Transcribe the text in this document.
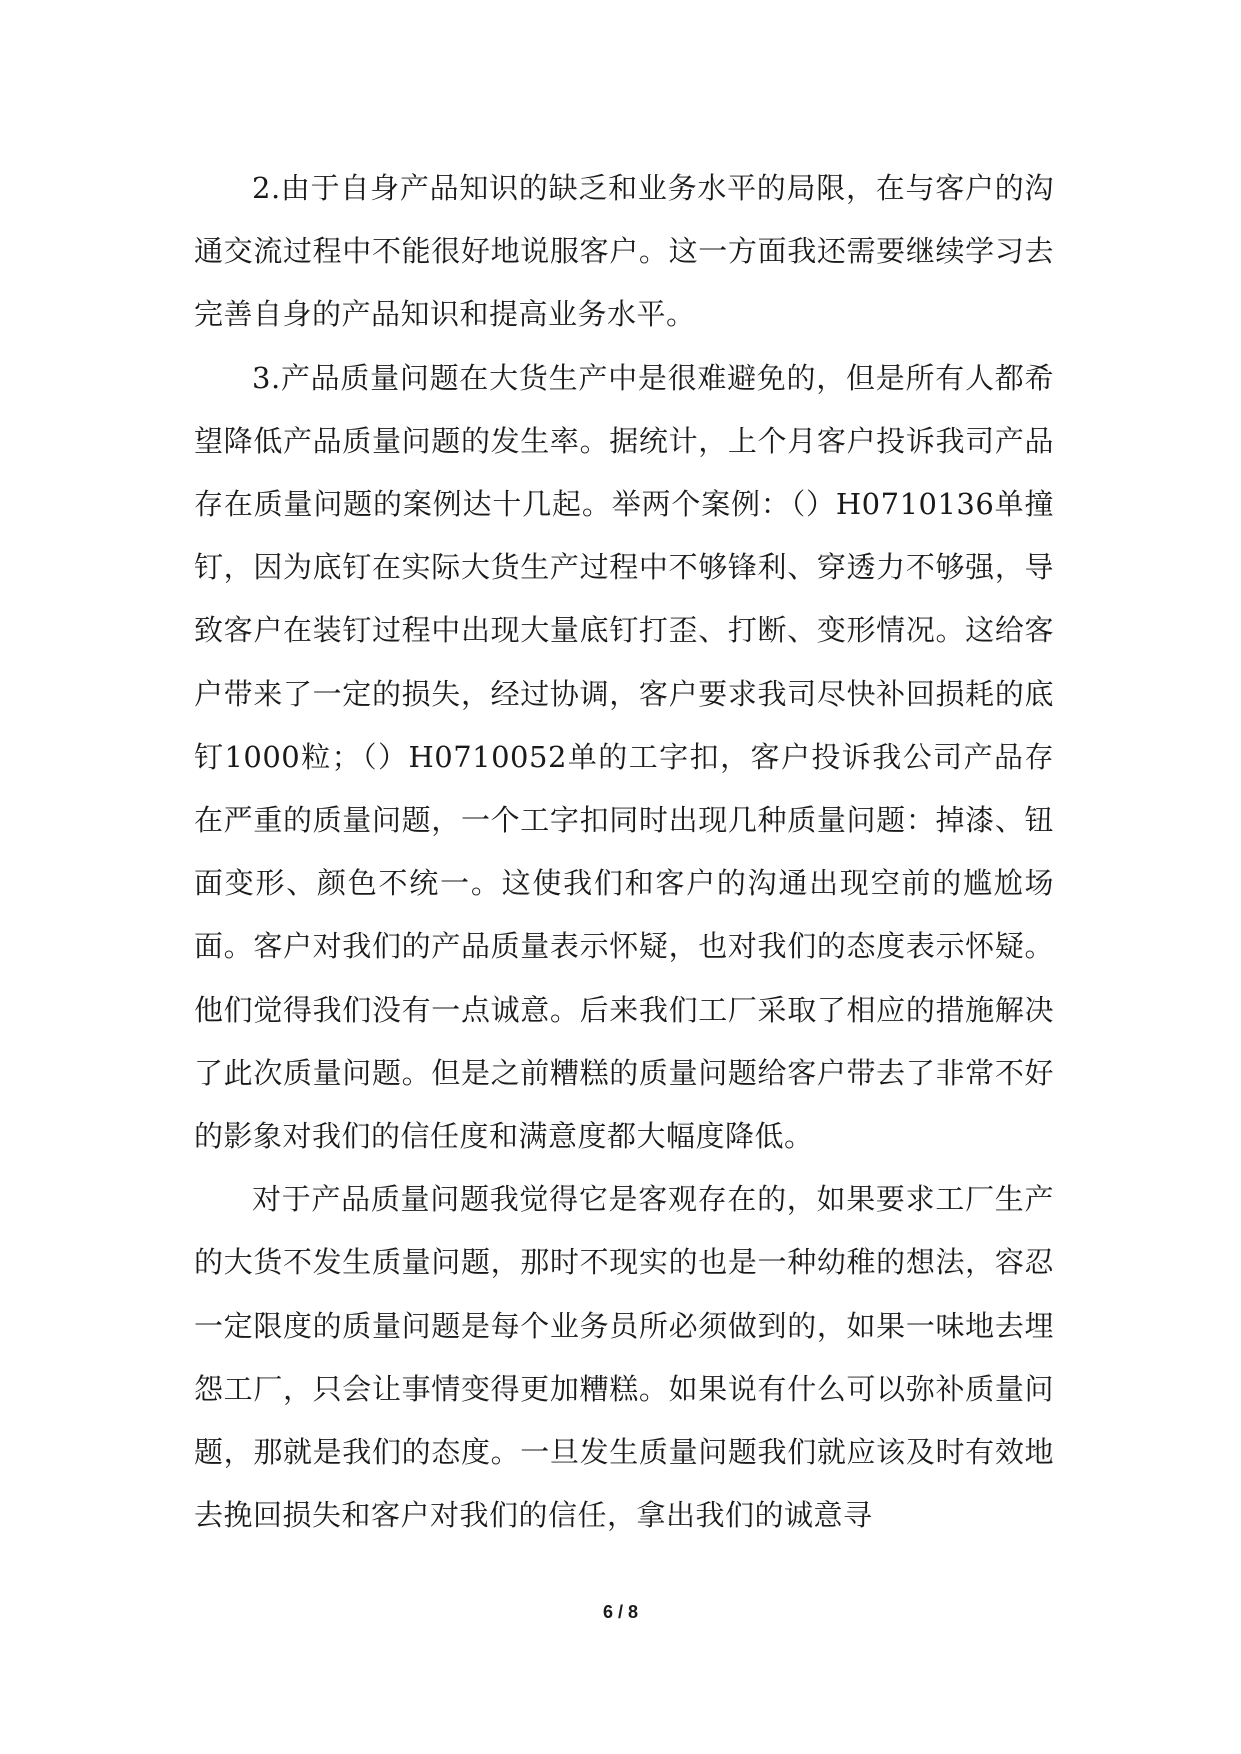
2.由于自身产品知识的缺乏和业务水平的局限，在与客户的沟通交流过程中不能很好地说服客户。这一方面我还需要继续学习去完善自身的产品知识和提高业务水平。

3.产品质量问题在大货生产中是很难避免的，但是所有人都希望降低产品质量问题的发生率。据统计，上个月客户投诉我司产品存在质量问题的案例达十几起。举两个案例：（）H0710136单撞钉，因为底钉在实际大货生产过程中不够锋利、穿透力不够强，导致客户在装钉过程中出现大量底钉打歪、打断、变形情况。这给客户带来了一定的损失，经过协调，客户要求我司尽快补回损耗的底钉1000粒；（）H0710052单的工字扣，客户投诉我公司产品存在严重的质量问题，一个工字扣同时出现几种质量问题：掉漆、钮面变形、颜色不统一。这使我们和客户的沟通出现空前的尴尬场面。客户对我们的产品质量表示怀疑，也对我们的态度表示怀疑。他们觉得我们没有一点诚意。后来我们工厂采取了相应的措施解决了此次质量问题。但是之前糟糕的质量问题给客户带去了非常不好的影象对我们的信任度和满意度都大幅度降低。

对于产品质量问题我觉得它是客观存在的，如果要求工厂生产的大货不发生质量问题，那时不现实的也是一种幼稚的想法，容忍一定限度的质量问题是每个业务员所必须做到的，如果一味地去埋怨工厂，只会让事情变得更加糟糕。如果说有什么可以弥补质量问题，那就是我们的态度。一旦发生质量问题我们就应该及时有效地去挽回损失和客户对我们的信任，拿出我们的诚意寻

6 / 8
